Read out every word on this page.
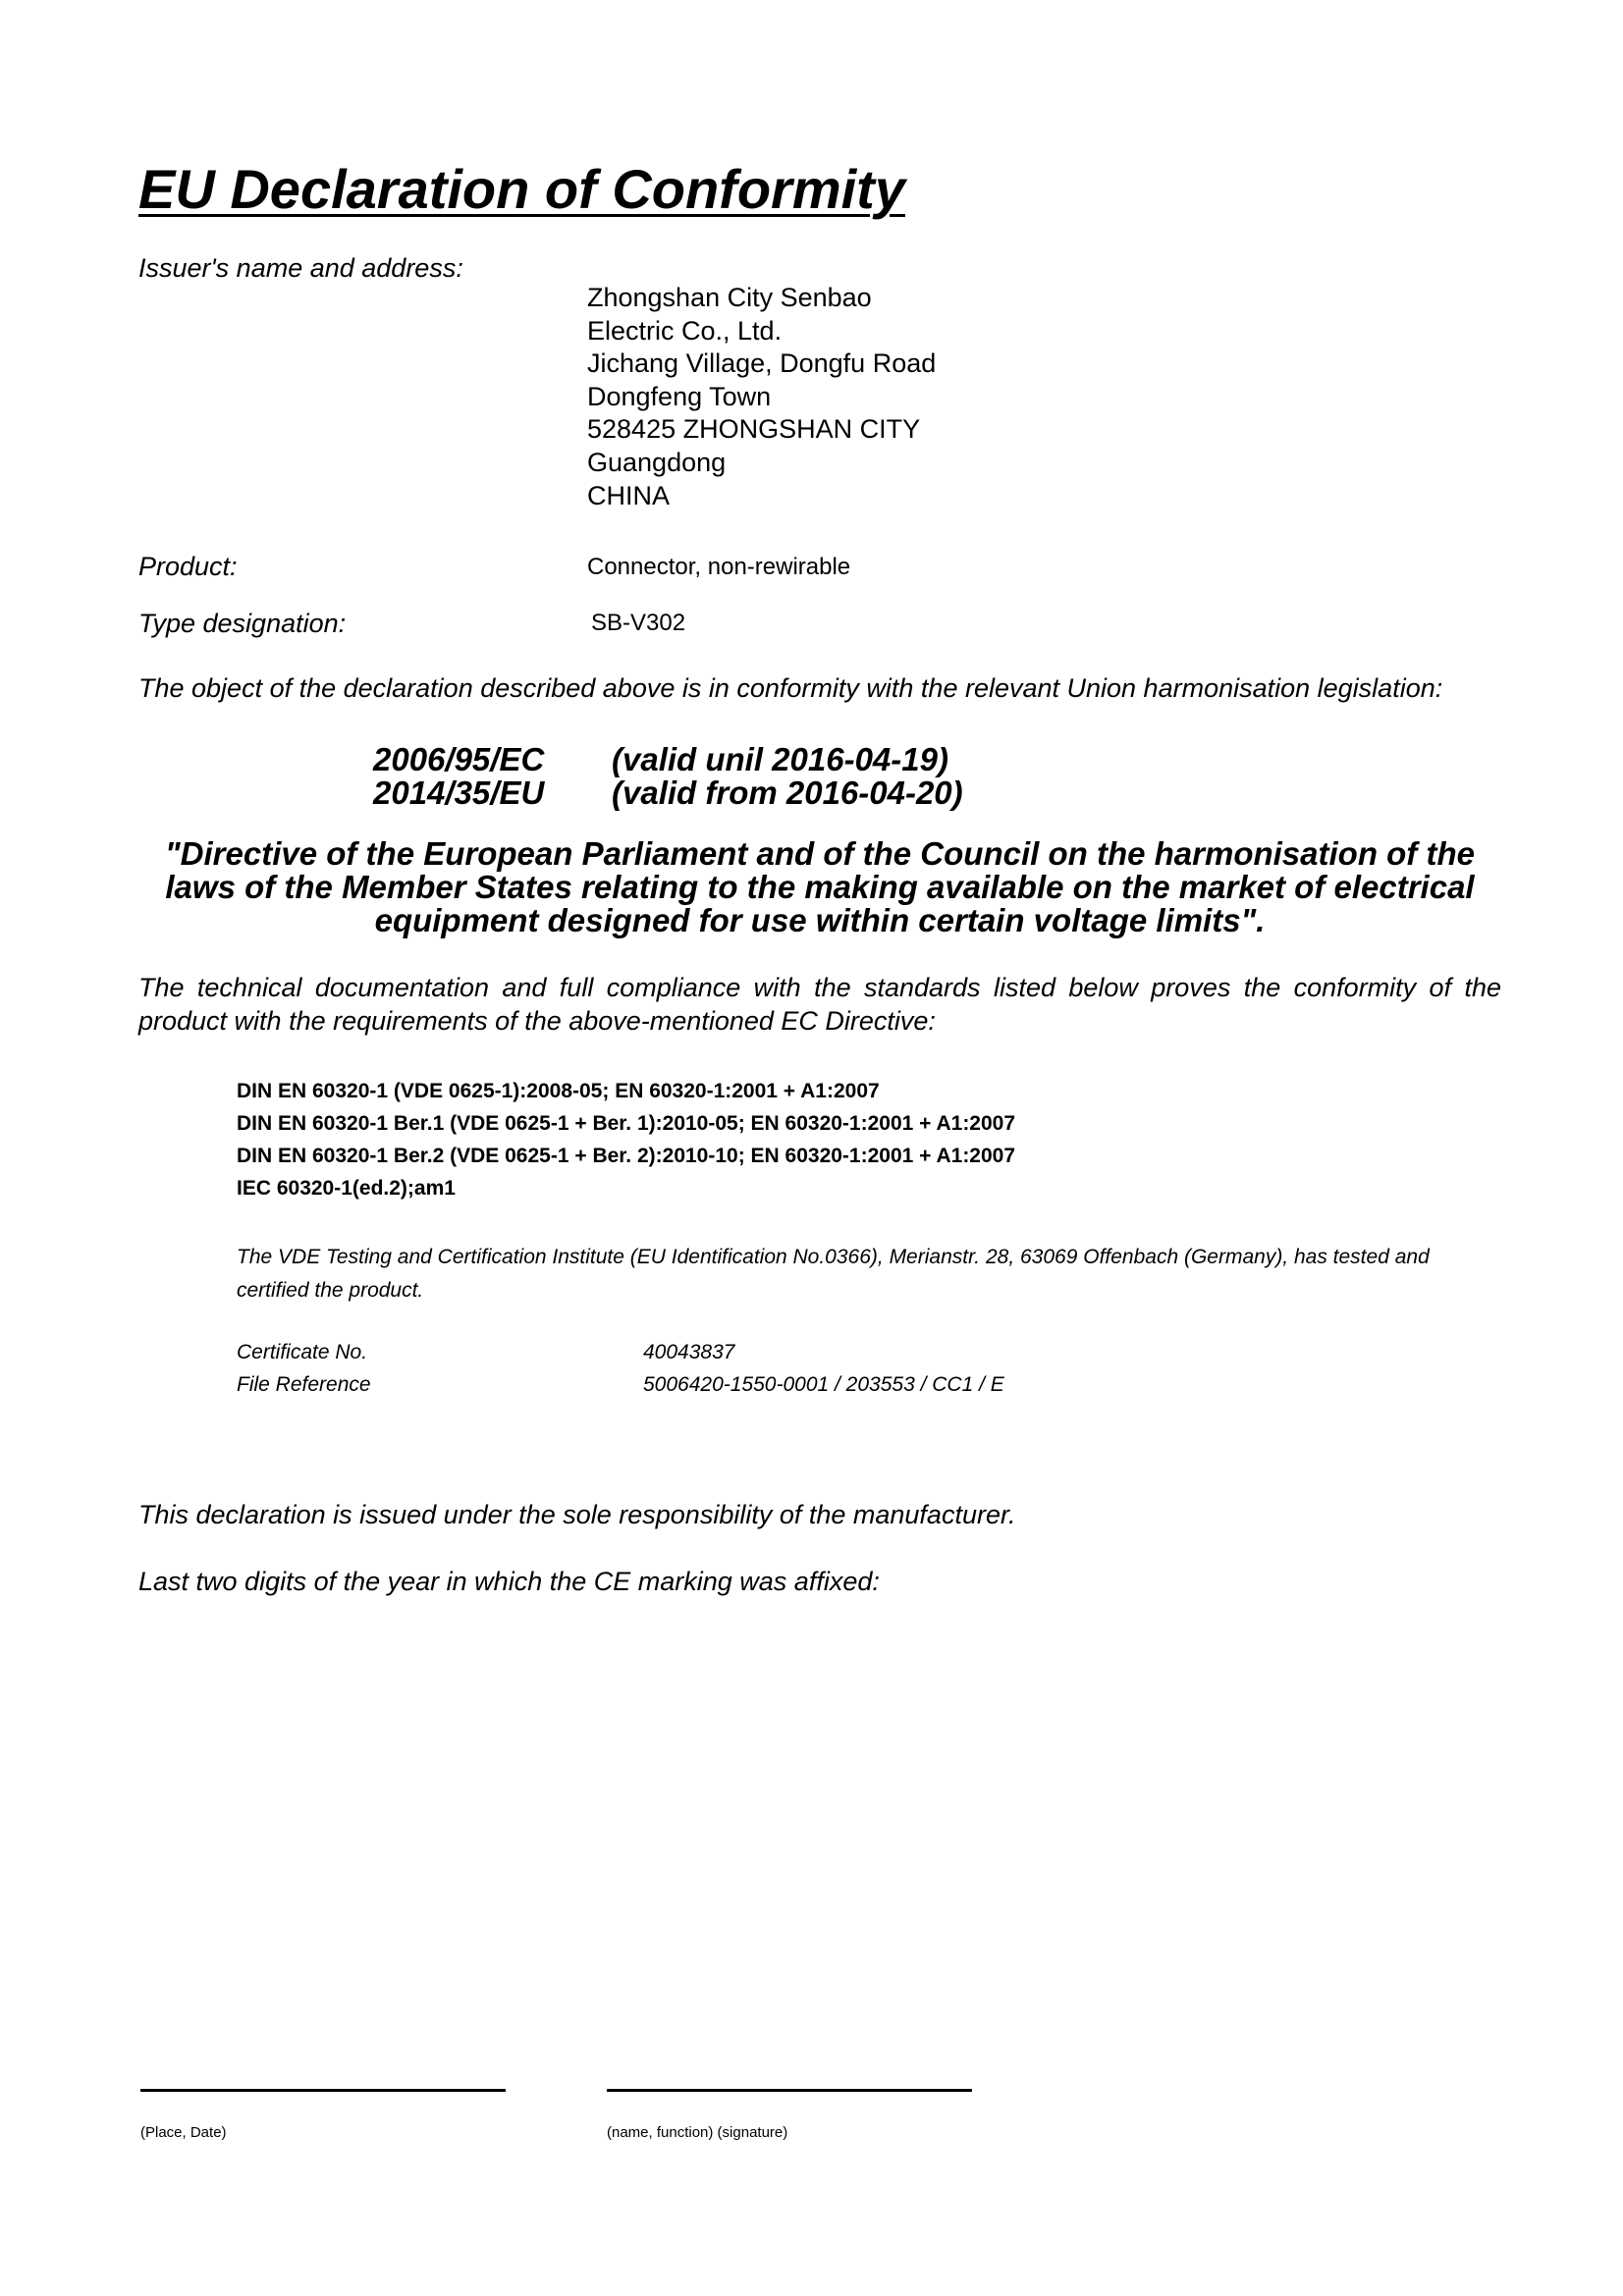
EU Declaration of Conformity
Issuer's name and address:
Zhongshan City Senbao
Electric Co., Ltd.
Jichang Village, Dongfu Road
Dongfeng Town
528425 ZHONGSHAN CITY
Guangdong
CHINA
Product:	Connector, non-rewirable
Type designation:	SB-V302
The object of the declaration described above is in conformity with the relevant Union harmonisation legislation:
2006/95/EC (valid unil 2016-04-19)
2014/35/EU (valid from 2016-04-20)
"Directive of the European Parliament and of the Council on the harmonisation of the laws of the Member States relating to the making available on the market of electrical equipment designed for use within certain voltage limits".
The technical documentation and full compliance with the standards listed below proves the conformity of the product with the requirements of the above-mentioned EC Directive:
DIN EN 60320-1 (VDE 0625-1):2008-05; EN 60320-1:2001 + A1:2007
DIN EN 60320-1 Ber.1 (VDE 0625-1 + Ber. 1):2010-05; EN 60320-1:2001 + A1:2007
DIN EN 60320-1 Ber.2 (VDE 0625-1 + Ber. 2):2010-10; EN 60320-1:2001 + A1:2007
IEC 60320-1(ed.2);am1
The VDE Testing and Certification Institute (EU Identification No.0366), Merianstr. 28, 63069 Offenbach (Germany), has tested and certified the product.
Certificate No.	40043837
File Reference	5006420-1550-0001 / 203553 / CC1 / E
This declaration is issued under the sole responsibility of the manufacturer.
Last two digits of the year in which the CE marking was affixed:
(Place, Date)	(name, function) (signature)
